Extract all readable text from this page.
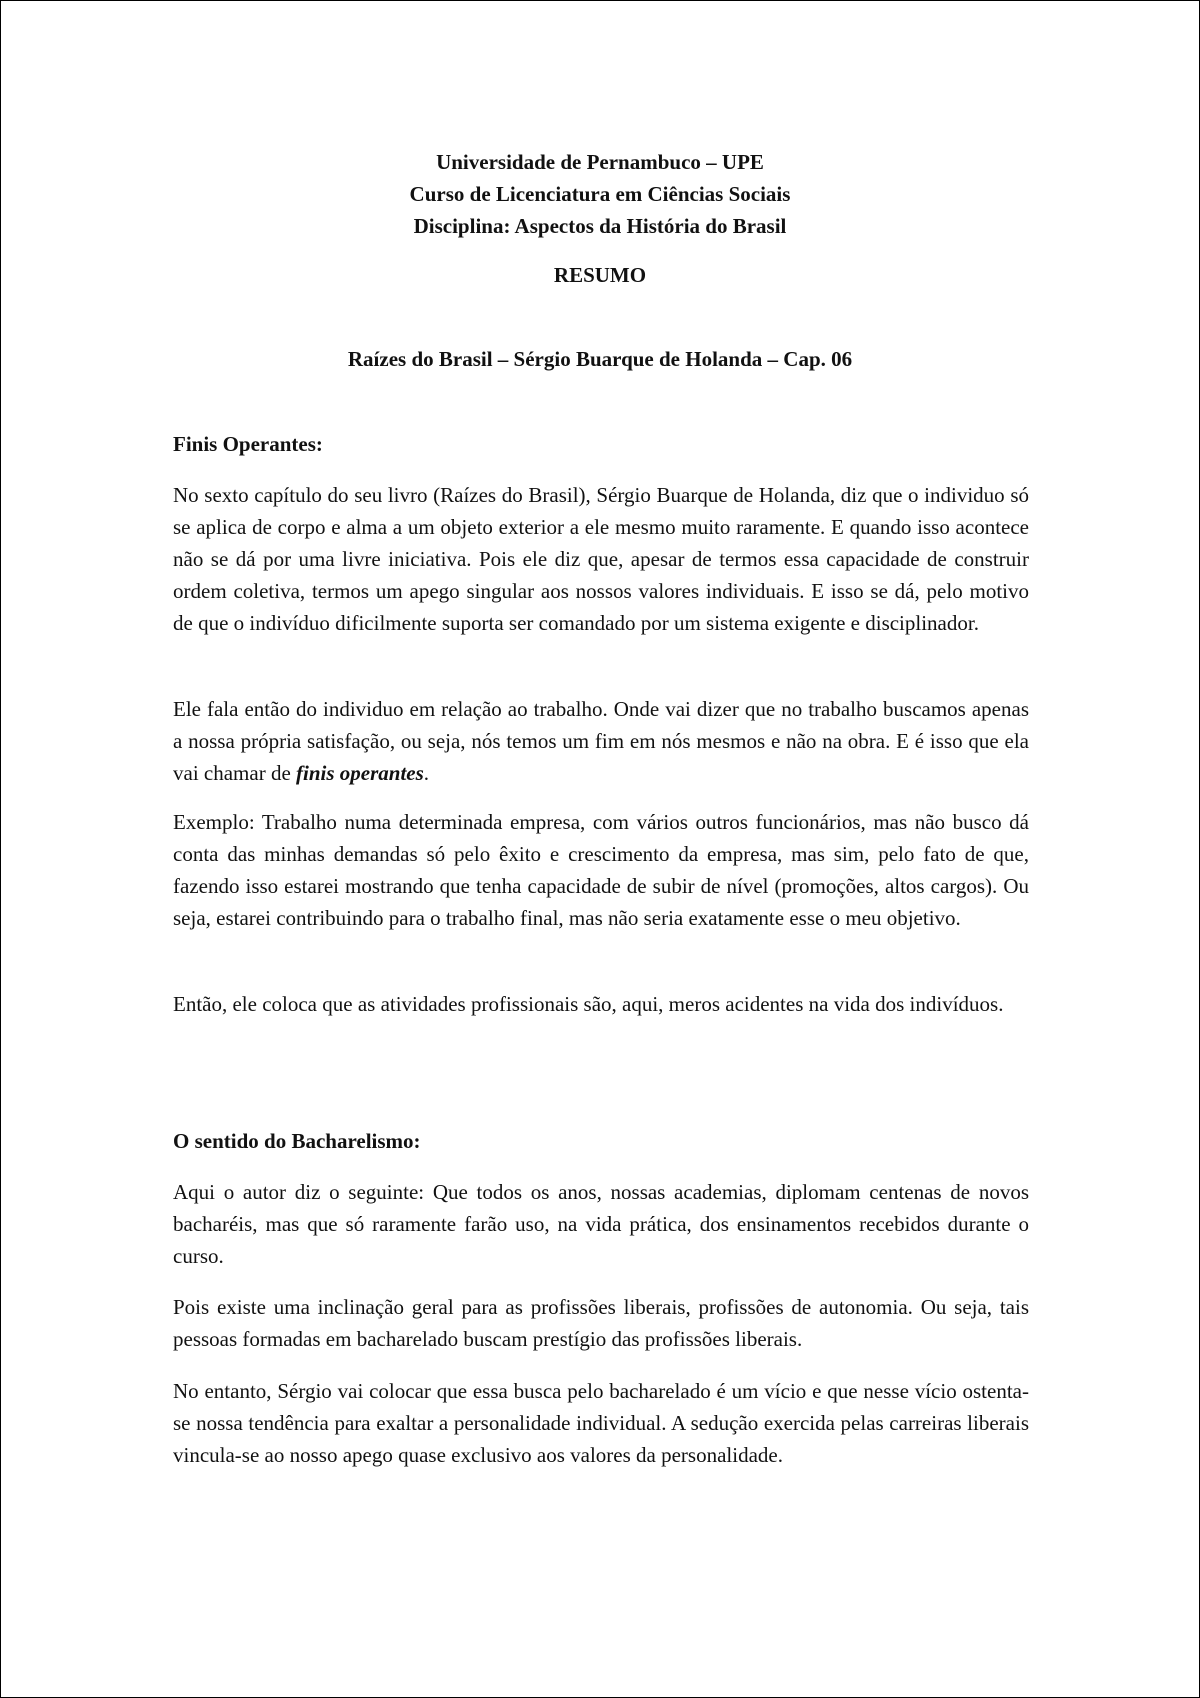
Universidade de Pernambuco – UPE
Curso de Licenciatura em Ciências Sociais
Disciplina: Aspectos da História do Brasil
RESUMO
Raízes do Brasil – Sérgio Buarque de Holanda – Cap. 06
Finis Operantes:

No sexto capítulo do seu livro (Raízes do Brasil), Sérgio Buarque de Holanda, diz que o individuo só se aplica de corpo e alma a um objeto exterior a ele mesmo muito raramente. E quando isso acontece não se dá por uma livre iniciativa. Pois ele diz que, apesar de termos essa capacidade de construir ordem coletiva, termos um apego singular aos nossos valores individuais. E isso se dá, pelo motivo de que o indivíduo dificilmente suporta ser comandado por um sistema exigente e disciplinador.

Ele fala então do individuo em relação ao trabalho. Onde vai dizer que no trabalho buscamos apenas a nossa própria satisfação, ou seja, nós temos um fim em nós mesmos e não na obra. E é isso que ela vai chamar de finis operantes.

Exemplo: Trabalho numa determinada empresa, com vários outros funcionários, mas não busco dá conta das minhas demandas só pelo êxito e crescimento da empresa, mas sim, pelo fato de que, fazendo isso estarei mostrando que tenha capacidade de subir de nível (promoções, altos cargos). Ou seja, estarei contribuindo para o trabalho final, mas não seria exatamente esse o meu objetivo.

Então, ele coloca que as atividades profissionais são, aqui, meros acidentes na vida dos indivíduos.

O sentido do Bacharelismo:

Aqui o autor diz o seguinte: Que todos os anos, nossas academias, diplomam centenas de novos bacharéis, mas que só raramente farão uso, na vida prática, dos ensinamentos recebidos durante o curso.

Pois existe uma inclinação geral para as profissões liberais, profissões de autonomia. Ou seja, tais pessoas formadas em bacharelado buscam prestígio das profissões liberais.

No entanto, Sérgio vai colocar que essa busca pelo bacharelado é um vício e que nesse vício ostenta-se nossa tendência para exaltar a personalidade individual. A sedução exercida pelas carreiras liberais vincula-se ao nosso apego quase exclusivo aos valores da personalidade.
